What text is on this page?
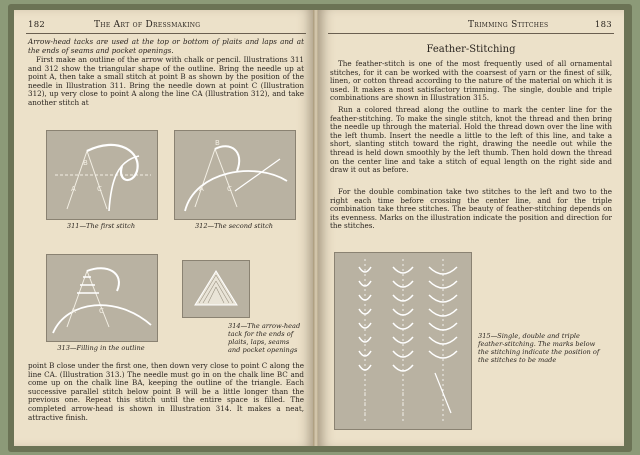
182	The Art of Dressmaking

Arrow-head tacks are used at the top or bottom of plaits and laps and at the ends of seams and pocket openings.

First make an outline of the arrow with chalk or pencil. Illustrations 311 and 312 show the triangular shape of the outline. Bring the needle up at point A, then take a small stitch at point B as shown by the position of the needle in Illustration 311. Bring the needle down at point C (Illustration 312), up very close to point A along the line CA (Illustration 312), and take another stitch at

A	C
B
311—The first stitch
A	C
B
312—The second stitch
A	C
313—Filling in the outline
314—The arrow-head tack for the ends of plaits, laps, seams and pocket openings

point B close under the first one, then down very close to point C along the line CA. (Illustration 313.) The needle must go in on the chalk line BC and come up on the chalk line BA, keeping the outline of the triangle. Each successive parallel stitch below point B will be a little longer than the previous one. Repeat this stitch until the entire space is filled. The completed arrow-head is shown in Illustration 314. It makes a neat, attractive finish.

Trimming Stitches	183
Feather-Stitching

The feather-stitch is one of the most frequently used of all ornamental stitches, for it can be worked with the coarsest of yarn or the finest of silk, linen, or cotton thread according to the nature of the material on which it is used. It makes a most satisfactory trimming. The single, double and triple combinations are shown in Illustration 315.

Run a colored thread along the outline to mark the center line for the feather-stitching. To make the single stitch, knot the thread and then bring the needle up through the material. Hold the thread down over the line with the left thumb. Insert the needle a little to the left of this line, and take a short, slanting stitch toward the right, drawing the needle out while the thread is held down smoothly by the left thumb. Then hold down the thread on the center line and take a stitch of equal length on the right side and draw it out as before.

For the double combination take two stitches to the left and two to the right each time before crossing the center line, and for the triple combination take three stitches. The beauty of feather-stitching depends on its evenness. Marks on the illustration indicate the position and direction for the stitches.

315—Single, double and triple feather-stitching. The marks below the stitching indicate the position of the stitches to be made
